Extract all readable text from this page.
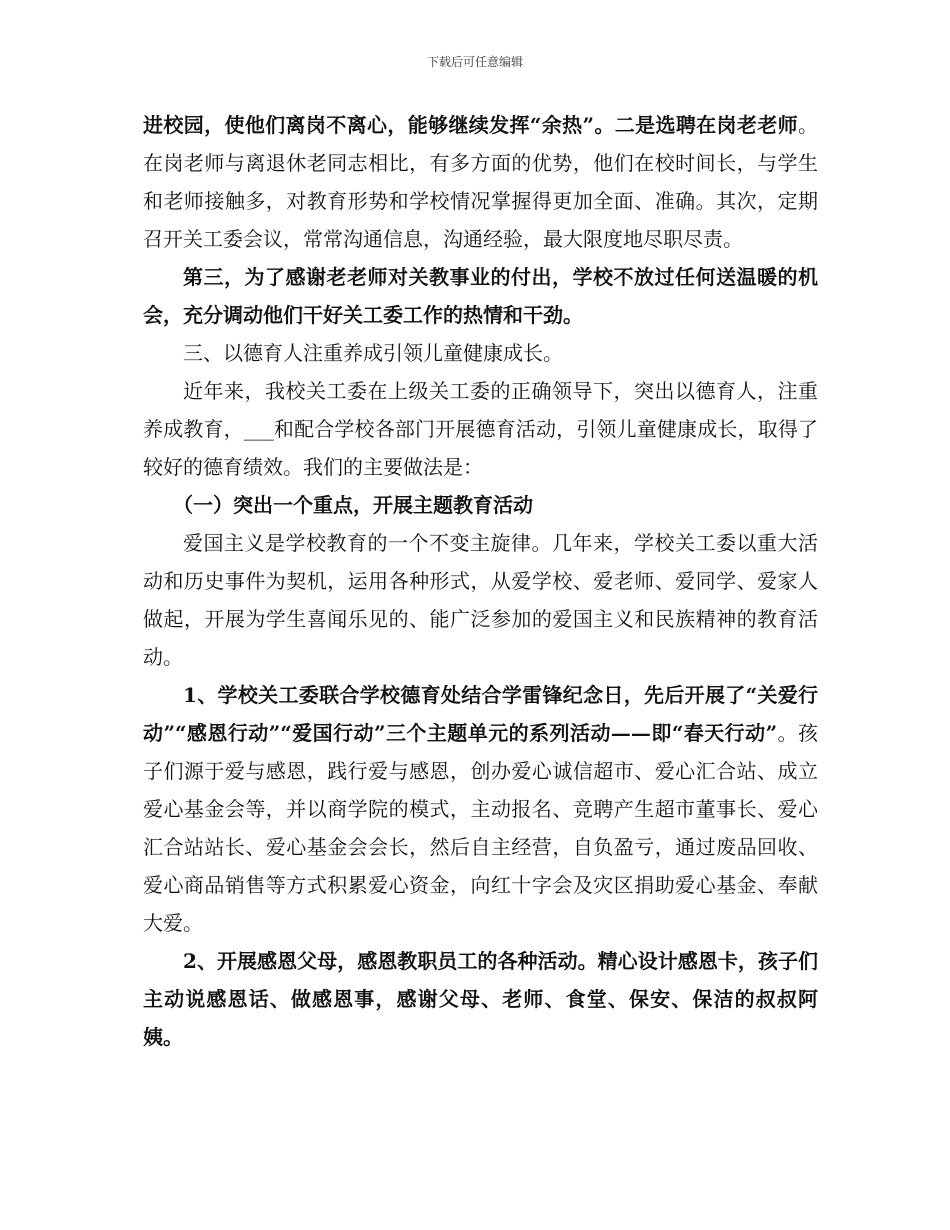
下载后可任意编辑

进校园，使他们离岗不离心，能够继续发挥“余热”。二是选聘在岗老老师。在岗老师与离退休老同志相比，有多方面的优势，他们在校时间长，与学生和老师接触多，对教育形势和学校情况掌握得更加全面、准确。其次，定期召开关工委会议，常常沟通信息，沟通经验，最大限度地尽职尽责。

第三，为了感谢老老师对关教事业的付出，学校不放过任何送温暖的机会，充分调动他们干好关工委工作的热情和干劲。

三、以德育人注重养成引领儿童健康成长。

近年来，我校关工委在上级关工委的正确领导下，突出以德育人，注重养成教育，___和配合学校各部门开展德育活动，引领儿童健康成长，取得了较好的德育绩效。我们的主要做法是：

（一）突出一个重点，开展主题教育活动

爱国主义是学校教育的一个不变主旋律。几年来，学校关工委以重大活动和历史事件为契机，运用各种形式，从爱学校、爱老师、爱同学、爱家人做起，开展为学生喜闻乐见的、能广泛参加的爱国主义和民族精神的教育活动。

1、学校关工委联合学校德育处结合学雷锋纪念日，先后开展了“关爱行动”“感恩行动”“爱国行动”三个主题单元的系列活动——即“春天行动”。孩子们源于爱与感恩，践行爱与感恩，创办爱心诚信超市、爱心汇合站、成立爱心基金会等，并以商学院的模式，主动报名、竞聘产生超市董事长、爱心汇合站站长、爱心基金会会长，然后自主经营，自负盈亏，通过废品回收、爱心商品销售等方式积累爱心资金，向红十字会及灾区捐助爱心基金、奉献大爱。

2、开展感恩父母，感恩教职员工的各种活动。精心设计感恩卡，孩子们主动说感恩话、做感恩事，感谢父母、老师、食堂、保安、保洁的叔叔阿姨。
